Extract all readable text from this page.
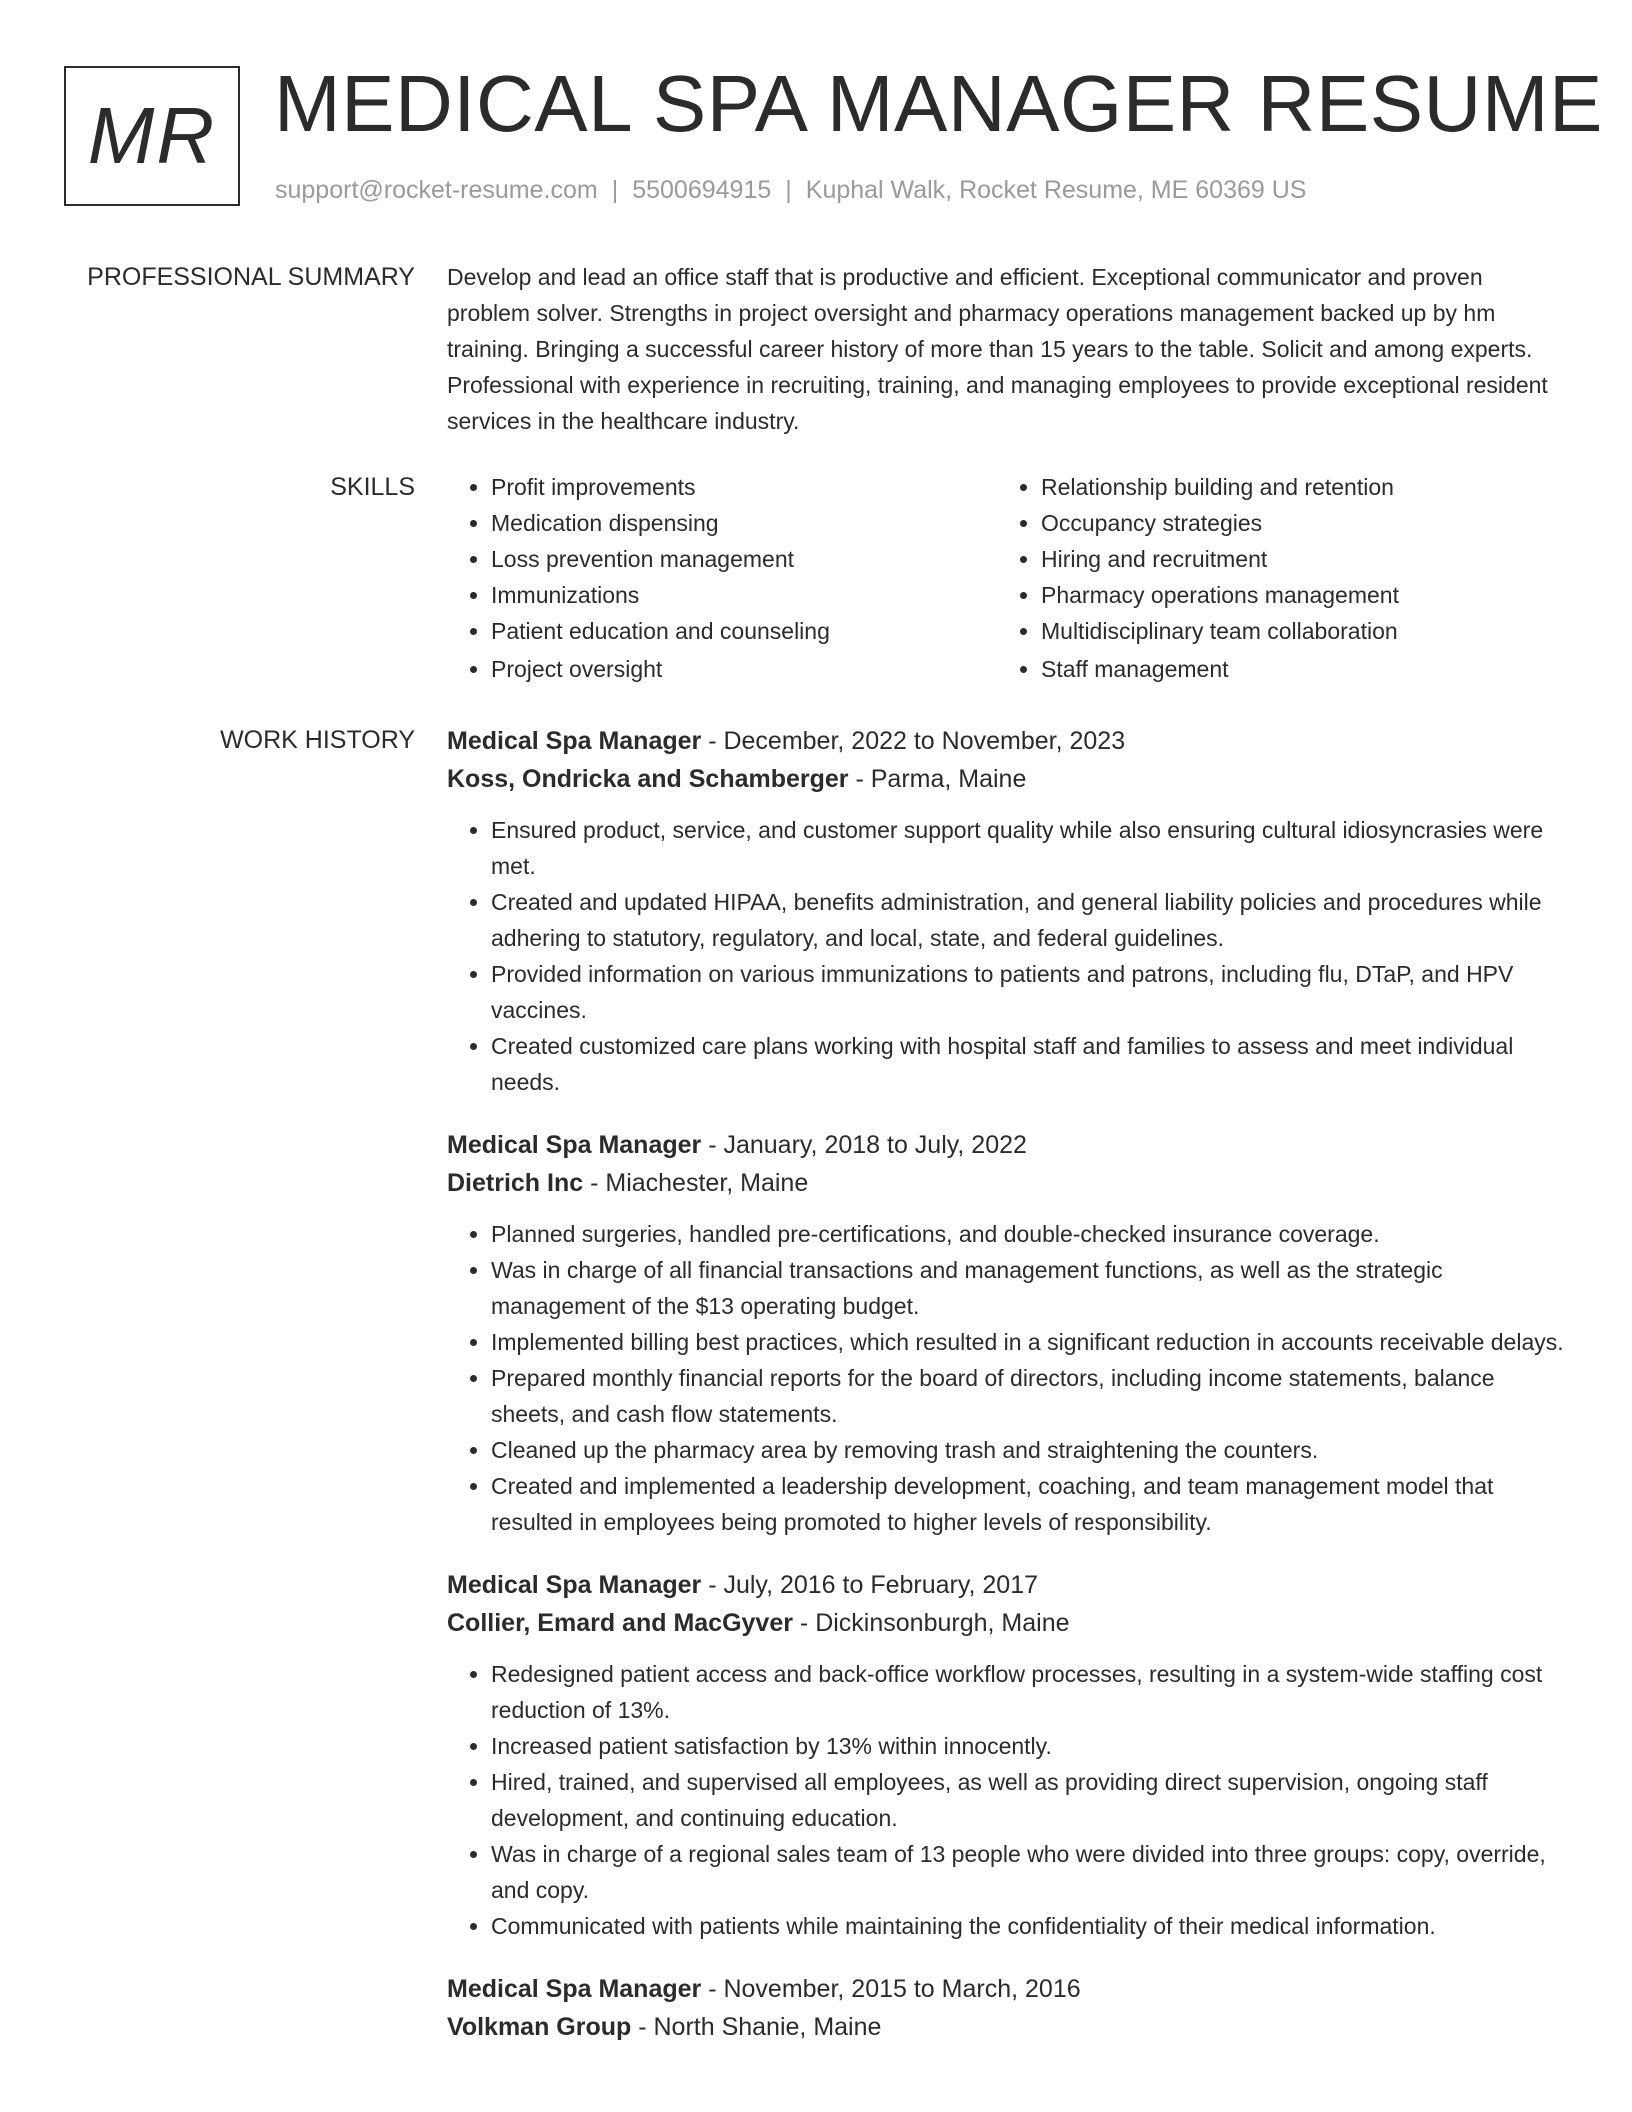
MR MEDICAL SPA MANAGER RESUME
support@rocket-resume.com | 5500694915 | Kuphal Walk, Rocket Resume, ME 60369 US
PROFESSIONAL SUMMARY Develop and lead an office staff that is productive and efficient. Exceptional communicator and proven problem solver. Strengths in project oversight and pharmacy operations management backed up by hm training. Bringing a successful career history of more than 15 years to the table. Solicit and among experts. Professional with experience in recruiting, training, and managing employees to provide exceptional resident services in the healthcare industry.

SKILLS
•	Profit improvements
• Medication dispensing
• Loss prevention management
• Immunizations
• Patient education and counseling
• Project oversight
• Relationship building and retention
• Occupancy strategies
• Hiring and recruitment
• Pharmacy operations management
• Multidisciplinary team collaboration
• Staff management
WORK HISTORY Medical Spa Manager - December, 2022 to November, 2023
Koss, Ondricka and Schamberger - Parma, Maine
• Ensured product, service, and customer support quality while also ensuring cultural idiosyncrasies were met.
• Created and updated HIPAA, benefits administration, and general liability policies and procedures while adhering to statutory, regulatory, and local, state, and federal guidelines.
• Provided information on various immunizations to patients and patrons, including flu, DTaP, and HPV vaccines.
• Created customized care plans working with hospital staff and families to assess and meet individual needs.
Medical Spa Manager - January, 2018 to July, 2022
Dietrich Inc - Miachester, Maine
• Planned surgeries, handled pre-certifications, and double-checked insurance coverage.
• Was in charge of all financial transactions and management functions, as well as the strategic management of the $13 operating budget.
• Implemented billing best practices, which resulted in a significant reduction in accounts receivable delays.
• Prepared monthly financial reports for the board of directors, including income statements, balance sheets, and cash flow statements.
• Cleaned up the pharmacy area by removing trash and straightening the counters.
• Created and implemented a leadership development, coaching, and team management model that resulted in employees being promoted to higher levels of responsibility.
Medical Spa Manager - July, 2016 to February, 2017
Collier, Emard and MacGyver - Dickinsonburgh, Maine
• Redesigned patient access and back-office workflow processes, resulting in a system-wide staffing cost reduction of 13%.
• Increased patient satisfaction by 13% within innocently.
• Hired, trained, and supervised all employees, as well as providing direct supervision, ongoing staff development, and continuing education.
• Was in charge of a regional sales team of 13 people who were divided into three groups: copy, override, and copy.
• Communicated with patients while maintaining the confidentiality of their medical information.
Medical Spa Manager - November, 2015 to March, 2016
Volkman Group - North Shanie, Maine
